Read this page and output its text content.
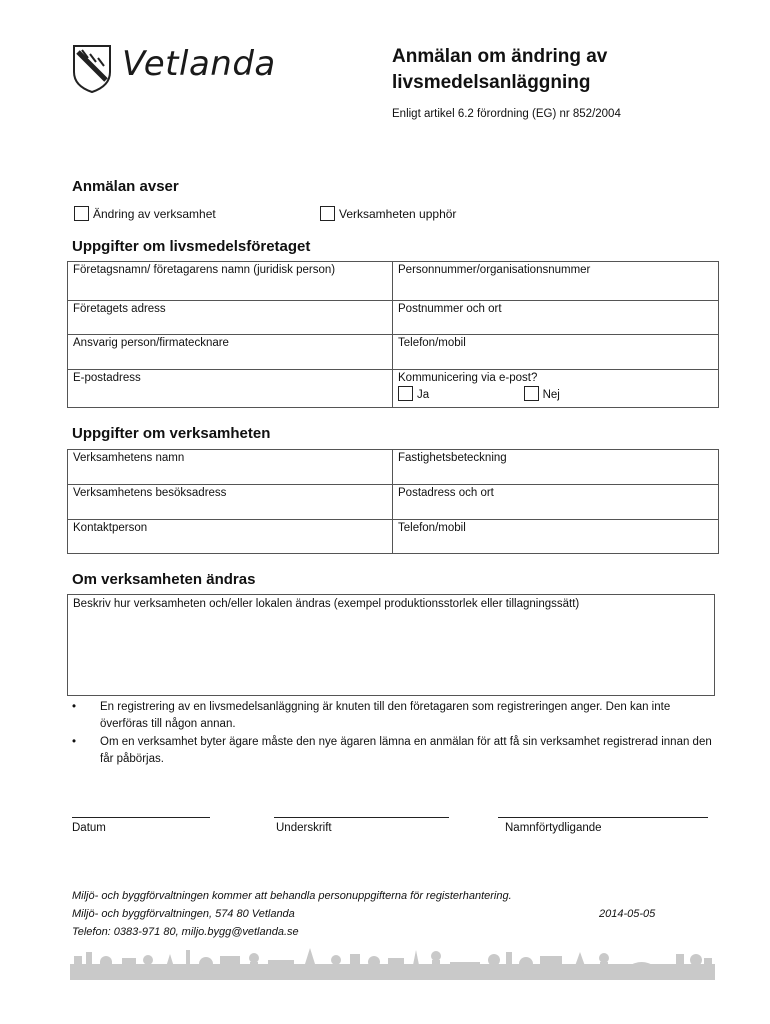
Vetlanda	Anmälan om ändring av livsmedelsanläggning
Enligt artikel 6.2 förordning (EG) nr 852/2004
Anmälan avser
Ändring av verksamhet	Verksamheten upphör
Uppgifter om livsmedelsföretaget
Företagsnamn/ företagarens namn (juridisk person)	Personnummer/organisationsnummer
Företagets adress	Postnummer och ort
Ansvarig person/firmatecknare	Telefon/mobil
E-postadress	Kommunicering via e-post?
Ja Nej
Uppgifter om verksamheten
Verksamhetens namn	Fastighetsbeteckning
Verksamhetens besöksadress	Postadress och ort
Kontaktperson	Telefon/mobil
Om verksamheten ändras
Beskriv hur verksamheten och/eller lokalen ändras (exempel produktionsstorlek eller tillagningssätt)
• En registrering av en livsmedelsanläggning är knuten till den företagaren som registreringen anger. Den kan inte överföras till någon annan.
• Om en verksamhet byter ägare måste den nye ägaren lämna en anmälan för att få sin verksamhet registrerad innan den får påbörjas.
Datum	Underskrift	Namnförtydligande
Miljö- och byggförvaltningen kommer att behandla personuppgifterna för registerhantering.
Miljö- och byggförvaltningen, 574 80 Vetlanda	2014-05-05
Telefon: 0383-971 80, miljo.bygg@vetlanda.se
